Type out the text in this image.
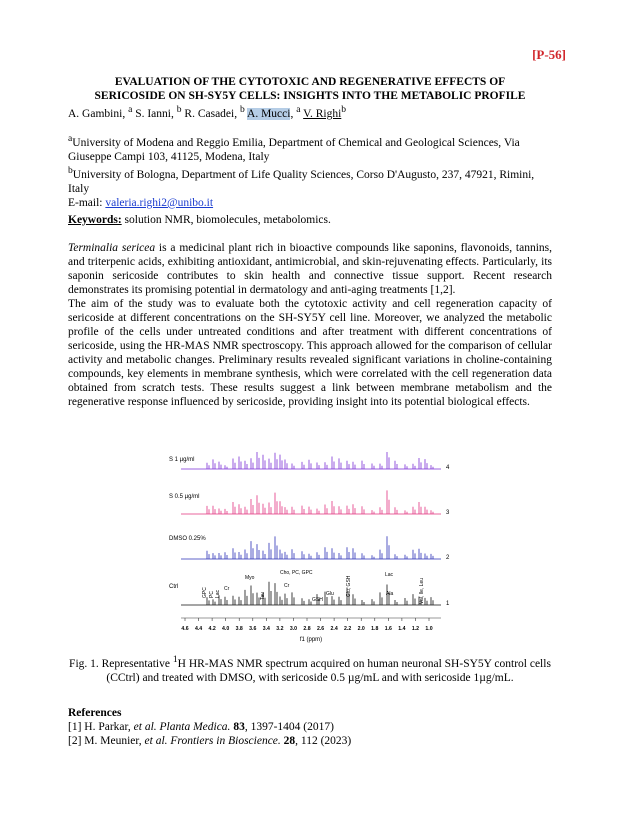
[P-56]
EVALUATION OF THE CYTOTOXIC AND REGENERATIVE EFFECTS OF
SERICOSIDE ON SH-SY5Y CELLS: INSIGHTS INTO THE METABOLIC PROFILE
A. Gambini, $^a$ S. Ianni, $^b$ R. Casadei, $^b$ A. Mucci, $^a$ V. Righi$^b$
$^a$University of Modena and Reggio Emilia, Department of Chemical and Geological Sciences, Via Giuseppe Campi 103, 41125, Modena, Italy
$^b$University of Bologna, Department of Life Quality Sciences, Corso D'Augusto, 237, 47921, Rimini, Italy
E-mail: valeria.righi2@unibo.it
Keywords: solution NMR, biomolecules, metabolomics.

Terminalia sericea is a medicinal plant rich in bioactive compounds like saponins, flavonoids, tannins, and triterpenic acids, exhibiting antioxidant, antimicrobial, and skin-rejuvenating effects. Particularly, its saponin sericoside contributes to skin health and connective tissue support. Recent research demonstrates its promising potential in dermatology and anti-aging treatments [1,2].

The aim of the study was to evaluate both the cytotoxic activity and cell regeneration capacity of sericoside at different concentrations on the SH-SY5Y cell line. Moreover, we analyzed the metabolic profile of the cells under untreated conditions and after treatment with different concentrations of sericoside, using the HR-MAS NMR spectroscopy. This approach allowed for the comparison of cellular activity and metabolic changes. Preliminary results revealed significant variations in choline-containing compounds, key elements in membrane synthesis, which were correlated with the cell regeneration data obtained from scratch tests. These results suggest a link between membrane metabolism and the regenerative response influenced by sericoside, providing insight into its potential biological effects.

S 1 µg/ml
S 0.5 µg/ml
DMSO 0.25%
Ctrl
4
3
2
1
GPC PC Lac
Cr
Myo
Tau
Cho, PC, GPC
Cr
GSH
Glu Glu, GSH
Lac
Ala	Val, Ile, Leu
4.6 4.4 4.2 4.0 3.8 3.6 3.4 3.2 3.0 2.8 2.6 2.4 2.2 2.0 1.8 1.6 1.4 1.2 1.0
f1 (ppm)
Fig. 1. Representative $^1$H HR-MAS NMR spectrum acquired on human neuronal SH-SY5Y control cells (CCtrl) and treated with DMSO, with sericoside 0.5 µg/mL and with sericoside 1µg/mL.
References
[1] H. Parkar, et al. Planta Medica. 83, 1397-1404 (2017)
[2] M. Meunier, et al. Frontiers in Bioscience. 28, 112 (2023)
